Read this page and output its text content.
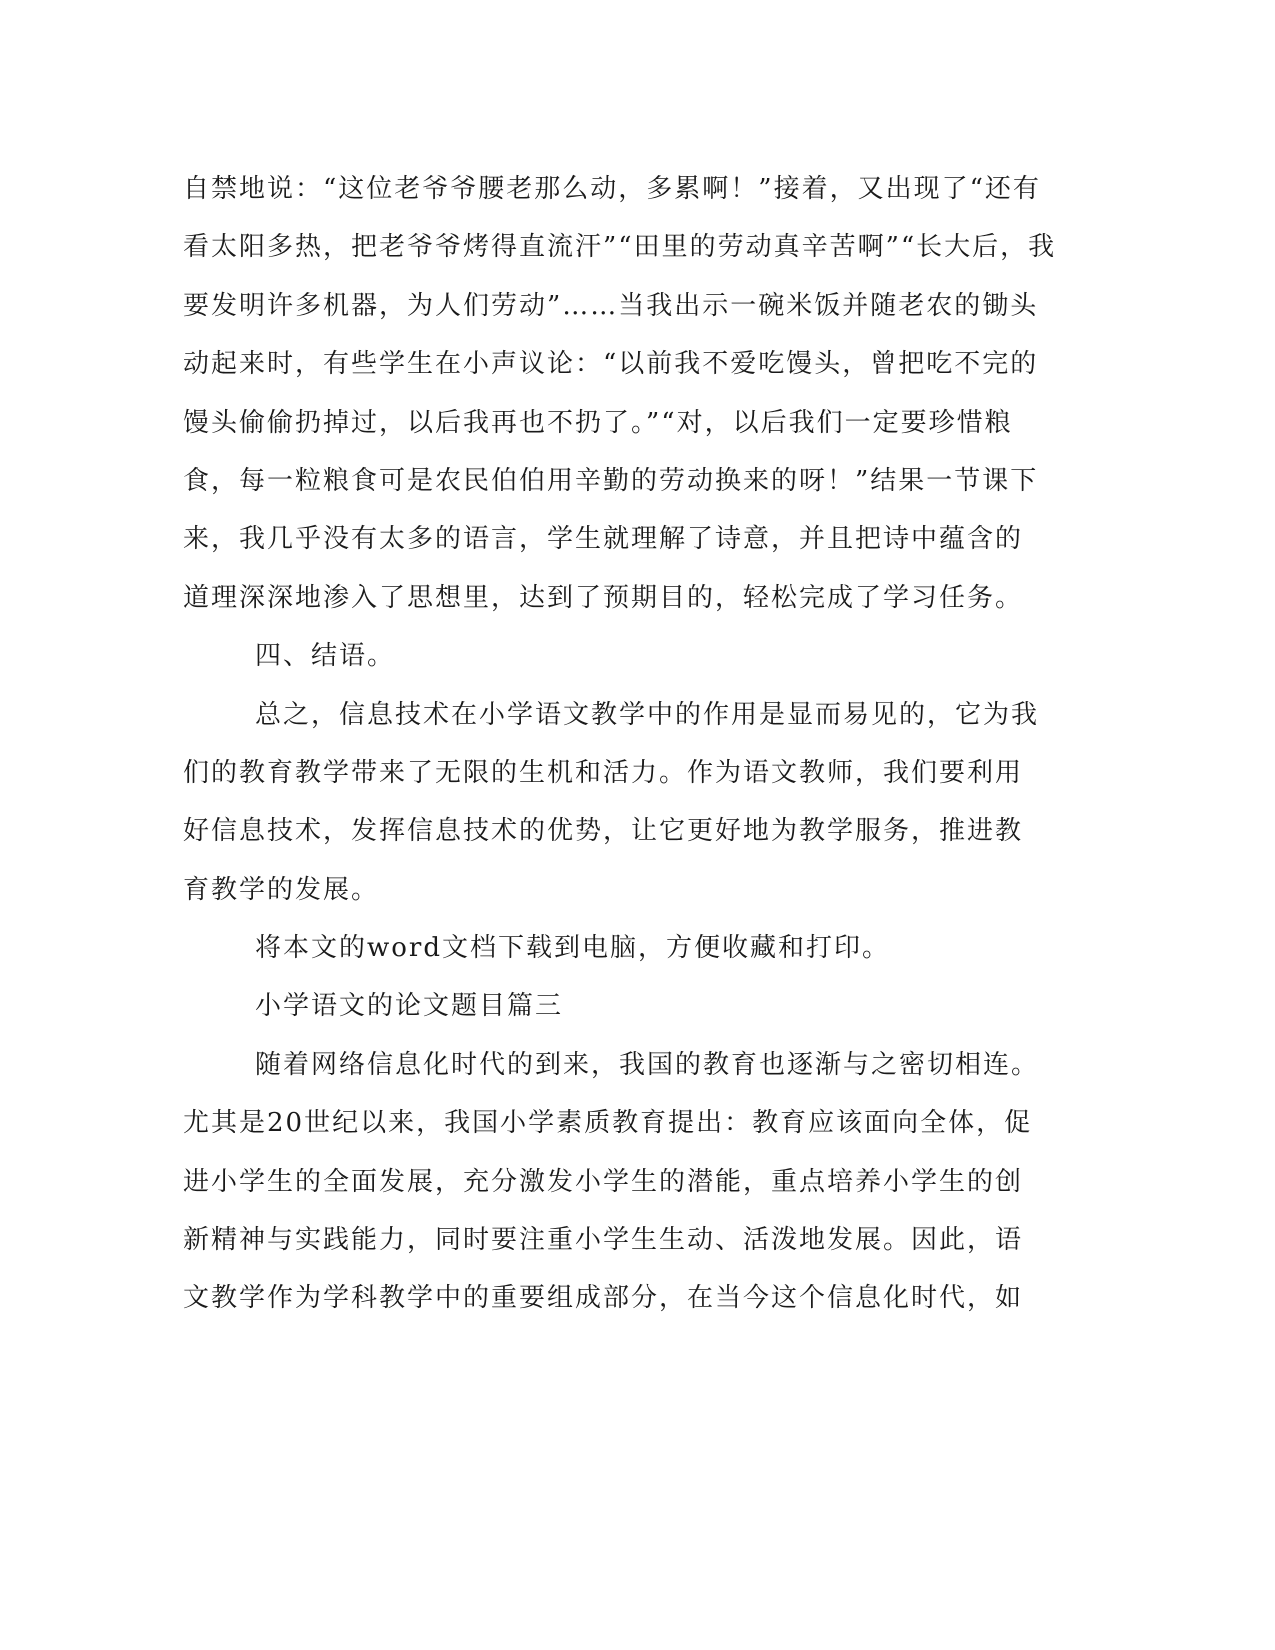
自禁地说：“这位老爷爷腰老那么动，多累啊！”接着，又出现了“还有
看太阳多热，把老爷爷烤得直流汗”“田里的劳动真辛苦啊”“长大后，我
要发明许多机器，为人们劳动”……当我出示一碗米饭并随老农的锄头
动起来时，有些学生在小声议论：“以前我不爱吃馒头，曾把吃不完的
馒头偷偷扔掉过，以后我再也不扔了。”“对，以后我们一定要珍惜粮
食，每一粒粮食可是农民伯伯用辛勤的劳动换来的呀！”结果一节课下
来，我几乎没有太多的语言，学生就理解了诗意，并且把诗中蕴含的
道理深深地渗入了思想里，达到了预期目的，轻松完成了学习任务。
四、结语。
总之，信息技术在小学语文教学中的作用是显而易见的，它为我
们的教育教学带来了无限的生机和活力。作为语文教师，我们要利用
好信息技术，发挥信息技术的优势，让它更好地为教学服务，推进教
育教学的发展。
将本文的word文档下载到电脑，方便收藏和打印。
小学语文的论文题目篇三
随着网络信息化时代的到来，我国的教育也逐渐与之密切相连。
尤其是20世纪以来，我国小学素质教育提出：教育应该面向全体，促
进小学生的全面发展，充分激发小学生的潜能，重点培养小学生的创
新精神与实践能力，同时要注重小学生生动、活泼地发展。因此，语
文教学作为学科教学中的重要组成部分，在当今这个信息化时代，如
